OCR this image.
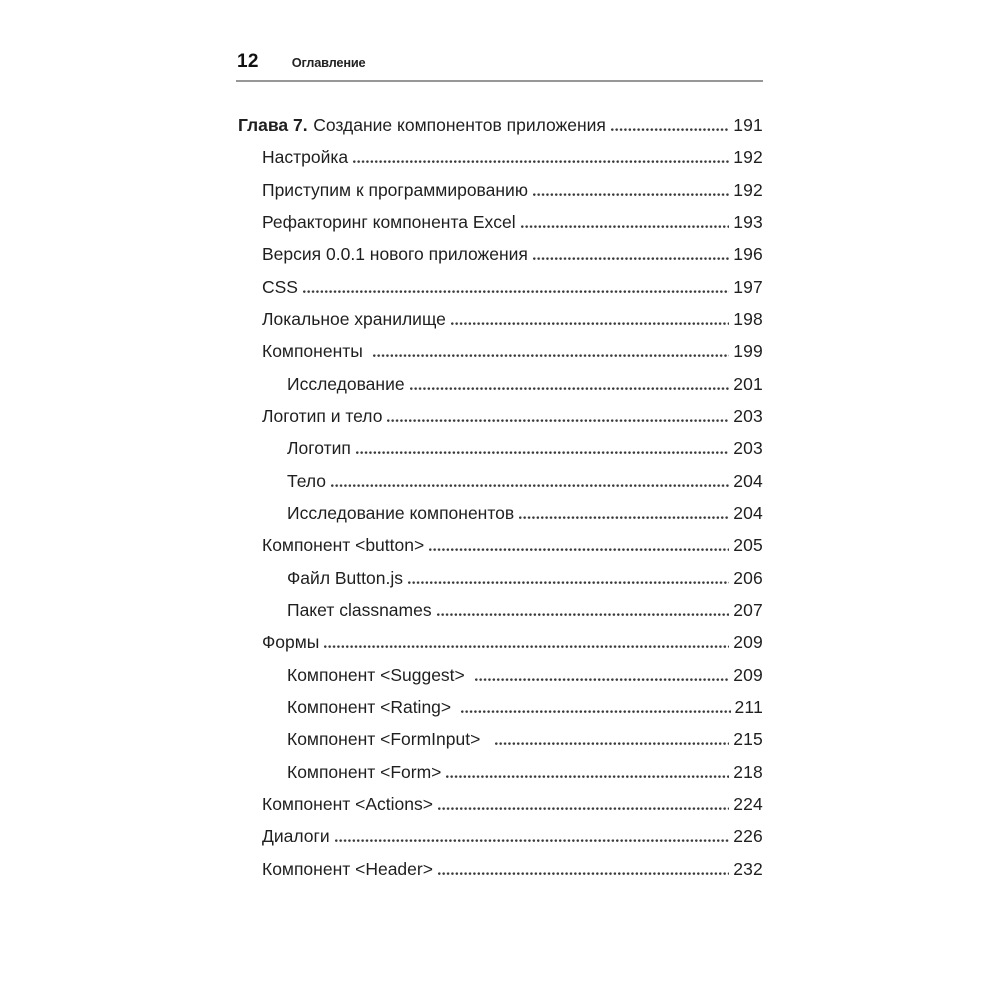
12	Оглавление
Глава 7. Создание компонентов приложения	191
Настройка	192
Приступим к программированию	192
Рефакторинг компонента Excel	193
Версия 0.0.1 нового приложения	196
CSS	197
Локальное хранилище	198
Компоненты	199
Исследование	201
Логотип и тело	203
Логотип	203
Тело	204
Исследование компонентов	204
Компонент <button>	205
Файл Button.js	206
Пакет classnames	207
Формы	209
Компонент <Suggest>	209
Компонент <Rating>	211
Компонент <FormInput>	215
Компонент <Form>	218
Компонент <Actions>	224
Диалоги	226
Компонент <Header>	232
